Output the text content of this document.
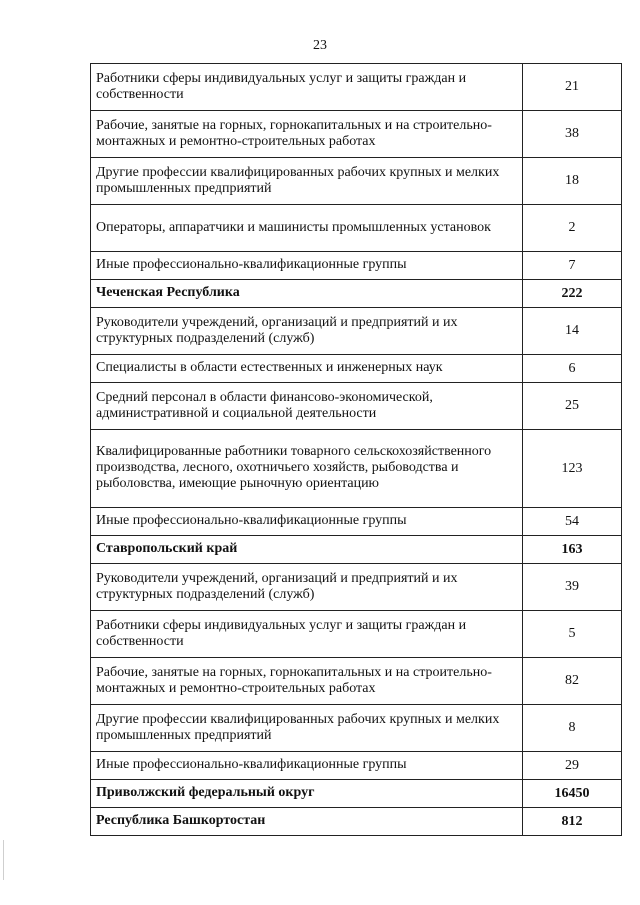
23
Работники сферы индивидуальных услуг и защиты граждан и собственности	21
Рабочие, занятые на горных, горнокапитальных и на строительно-монтажных и ремонтно-строительных работах	38
Другие профессии квалифицированных рабочих крупных и мелких промышленных предприятий	18
Операторы, аппаратчики и машинисты промышленных установок	2
Иные профессионально-квалификационные группы	7
Чеченская Республика	222
Руководители учреждений, организаций и предприятий и их структурных подразделений (служб)	14
Специалисты в области естественных и инженерных наук	6
Средний персонал в области финансово-экономической, административной и социальной деятельности	25
Квалифицированные работники товарного сельскохозяйственного производства, лесного, охотничьего хозяйств, рыбоводства и рыболовства, имеющие рыночную ориентацию	123
Иные профессионально-квалификационные группы	54
Ставропольский край	163
Руководители учреждений, организаций и предприятий и их структурных подразделений (служб)	39
Работники сферы индивидуальных услуг и защиты граждан и собственности	5
Рабочие, занятые на горных, горнокапитальных и на строительно-монтажных и ремонтно-строительных работах	82
Другие профессии квалифицированных рабочих крупных и мелких промышленных предприятий	8
Иные профессионально-квалификационные группы	29
Приволжский федеральный округ	16450
Республика Башкортостан	812
